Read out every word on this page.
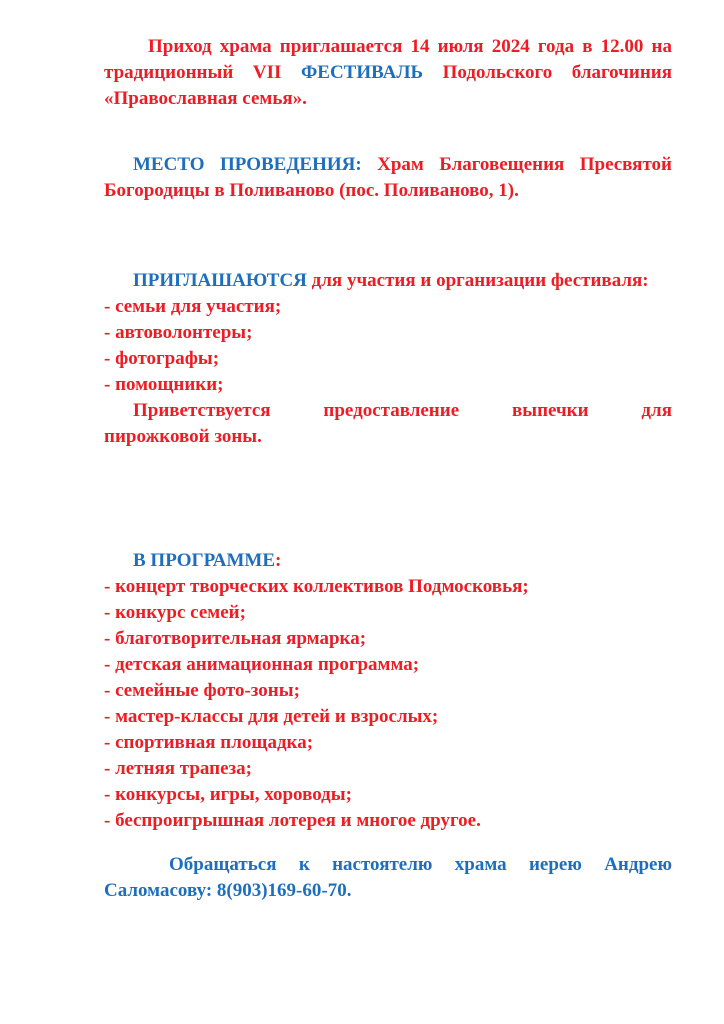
Приход храма приглашается 14 июля 2024 года в 12.00 на традиционный VII ФЕСТИВАЛЬ Подольского благочиния «Православная семья».

МЕСТО ПРОВЕДЕНИЯ: Храм Благовещения Пресвятой Богородицы в Поливаново (пос. Поливаново, 1).

ПРИГЛАШАЮТСЯ для участия и организации фестиваля:

- семьи для участия;
- автоволонтеры;
- фотографы;
- помощники;
Приветствуется	предоставление	выпечки	для
пирожковой зоны.
В ПРОГРАММЕ:
- концерт творческих коллективов Подмосковья;
- конкурс семей;
- благотворительная ярмарка;
- детская анимационная программа;
- семейные фото-зоны;
- мастер-классы для детей и взрослых;
- спортивная площадка;
- летняя трапеза;
- конкурсы, игры, хороводы;
- беспроигрышная лотерея и многое другое.

Обращаться к настоятелю храма иерею Андрею Саломасову: 8(903)169-60-70.
